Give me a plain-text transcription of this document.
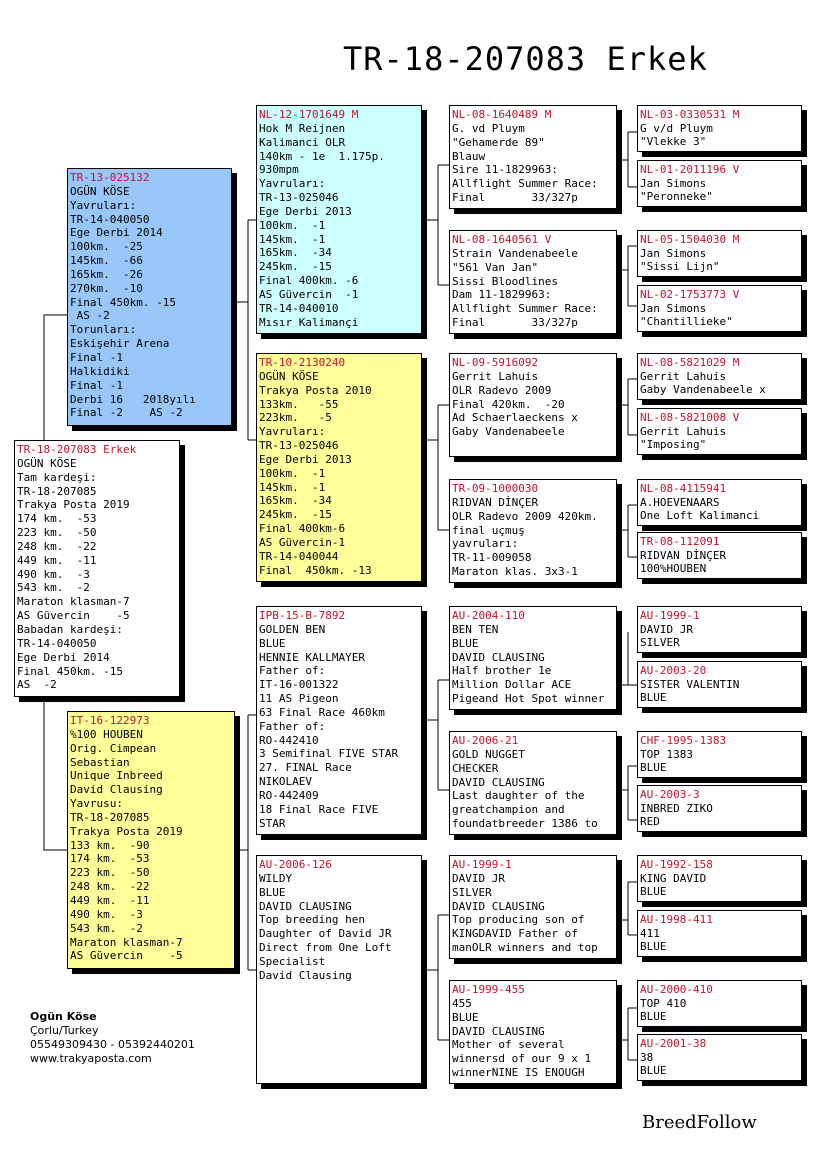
TR-18-207083 Erkek
TR-18-207083 Erkek
OGÜN KÖSE
Tam kardeşi:
TR-18-207085
Trakya Posta 2019
174 km.  -53
223 km.  -50
248 km.  -22
449 km.  -11
490 km.  -3
543 km.  -2
Maraton klasman-7
AS Güvercin    -5
Babadan kardeşi:
TR-14-040050
Ege Derbi 2014
Final 450km. -15
AS  -2
TR-13-025132
OGÜN KÖSE
Yavruları:
TR-14-040050
Ege Derbi 2014
100km.  -25
145km.  -66
165km.  -26
270km.  -10
Final 450km. -15
AS -2
Torunları:
Eskişehir Arena
Final -1
Halkidiki
Final -1
Derbi 16   2018yılı
Final -2    AS -2
IT-16-122973
%100 HOUBEN
Orig. Cimpean
Sebastian
Unique Inbreed
David Clausing
Yavrusu:
TR-18-207085
Trakya Posta 2019
133 km.  -90
174 km.  -53
223 km.  -50
248 km.  -22
449 km.  -11
490 km.  -3
543 km.  -2
Maraton klasman-7
AS Güvercin    -5
NL-12-1701649 M
Hok M Reijnen
Kalimanci OLR
140km - 1e  1.175p.
930mpm
Yavruları:
TR-13-025046
Ege Derbi 2013
100km.  -1
145km.  -1
165km.  -34
245km.  -15
Final 400km. -6
AS Güvercin  -1
TR-14-040010
Mısır Kalimançi
TR-10-2130240
OGÜN KÖSE
Trakya Posta 2010
133km.   -55
223km.   -5
Yavruları:
TR-13-025046
Ege Derbi 2013
100km.  -1
145km.  -1
165km.  -34
245km.  -15
Final 400km-6
AS Güvercin-1
TR-14-040044
Final  450km. -13
IPB-15-B-7892
GOLDEN BEN
BLUE
HENNIE KALLMAYER
Father of:
IT-16-001322
11 AS Pigeon
63 Final Race 460km
Father of:
RO-442410
3 Semifinal FIVE STAR
27. FINAL Race
NIKOLAEV
RO-442409
18 Final Race FIVE
STAR
AU-2006-126
WILDY
BLUE
DAVID CLAUSING
Top breeding hen
Daughter of David JR
Direct from One Loft
Specialist
David Clausing
NL-08-1640489 M
G. vd Pluym
"Gehamerde 89"
Blauw
Sire 11-1829963:
Allflight Summer Race:
Final       33/327p
NL-08-1640561 V
Strain Vandenabeele
"561 Van Jan"
Sissi Bloodlines
Dam 11-1829963:
Allflight Summer Race:
Final       33/327p
NL-09-5916092
Gerrit Lahuis
OLR Radevo 2009
Final 420km.  -20
Ad Schaerlaeckens x
Gaby Vandenabeele
TR-09-1000030
RIDVAN DİNÇER
OLR Radevo 2009 420km.
final uçmuş
yavruları:
TR-11-009058
Maraton klas. 3x3-1
AU-2004-110
BEN TEN
BLUE
DAVID CLAUSING
Half brother 1e
Million Dollar ACE
Pigeand Hot Spot winner
AU-2006-21
GOLD NUGGET
CHECKER
DAVID CLAUSING
Last daughter of the
greatchampion and
foundatbreeder 1386 to
AU-1999-1
DAVID JR
SILVER
DAVID CLAUSING
Top producing son of
KINGDAVID Father of
manOLR winners and top
AU-1999-455
455
BLUE
DAVID CLAUSING
Mother of several
winnersd of our 9 x 1
winnerNINE IS ENOUGH
NL-03-0330531 M
G v/d Pluym
"Vlekke 3"
NL-01-2011196 V
Jan Simons
"Peronneke"
NL-05-1504030 M
Jan Simons
"Sissi Lijn"
NL-02-1753773 V
Jan Simons
"Chantillieke"
NL-08-5821029 M
Gerrit Lahuis
Gaby Vandenabeele x
NL-08-5821008 V
Gerrit Lahuis
"Imposing"
NL-08-4115941
A.HOEVENAARS
One Loft Kalimanci
TR-08-112091
RIDVAN DİNÇER
100%HOUBEN
AU-1999-1
DAVID JR
SILVER
AU-2003-20
SISTER VALENTIN
BLUE
CHF-1995-1383
TOP 1383
BLUE
AU-2003-3
INBRED ZIKO
RED
AU-1992-158
KING DAVID
BLUE
AU-1998-411
411
BLUE
AU-2000-410
TOP 410
BLUE
AU-2001-38
38
BLUE
Ogün Köse
Çorlu/Turkey
05549309430 - 05392440201
www.trakyaposta.com
BreedFollow
